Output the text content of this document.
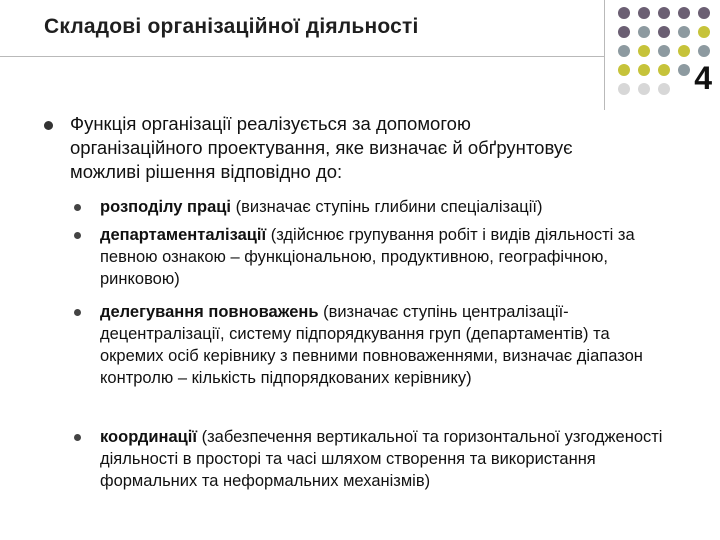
Складові організаційної діяльності
4
Функція організації реалізується за допомогою організаційного проектування, яке визначає й обґрунтовує можливі рішення відповідно до:
розподілу праці (визначає ступінь глибини спеціалізації)
департаменталізації (здійснює групування робіт і видів діяльності за певною ознакою – функціональною, продуктивною, географічною, ринковою)
делегування повноважень (визначає ступінь централізації-децентралізації, систему підпорядкування груп (департаментів) та окремих осіб керівнику з певними повноваженнями, визначає діапазон контролю – кількість підпорядкованих керівнику)
координації (забезпечення вертикальної та горизонтальної узгодженості діяльності в просторі та часі шляхом створення та використання формальних та неформальних механізмів)
